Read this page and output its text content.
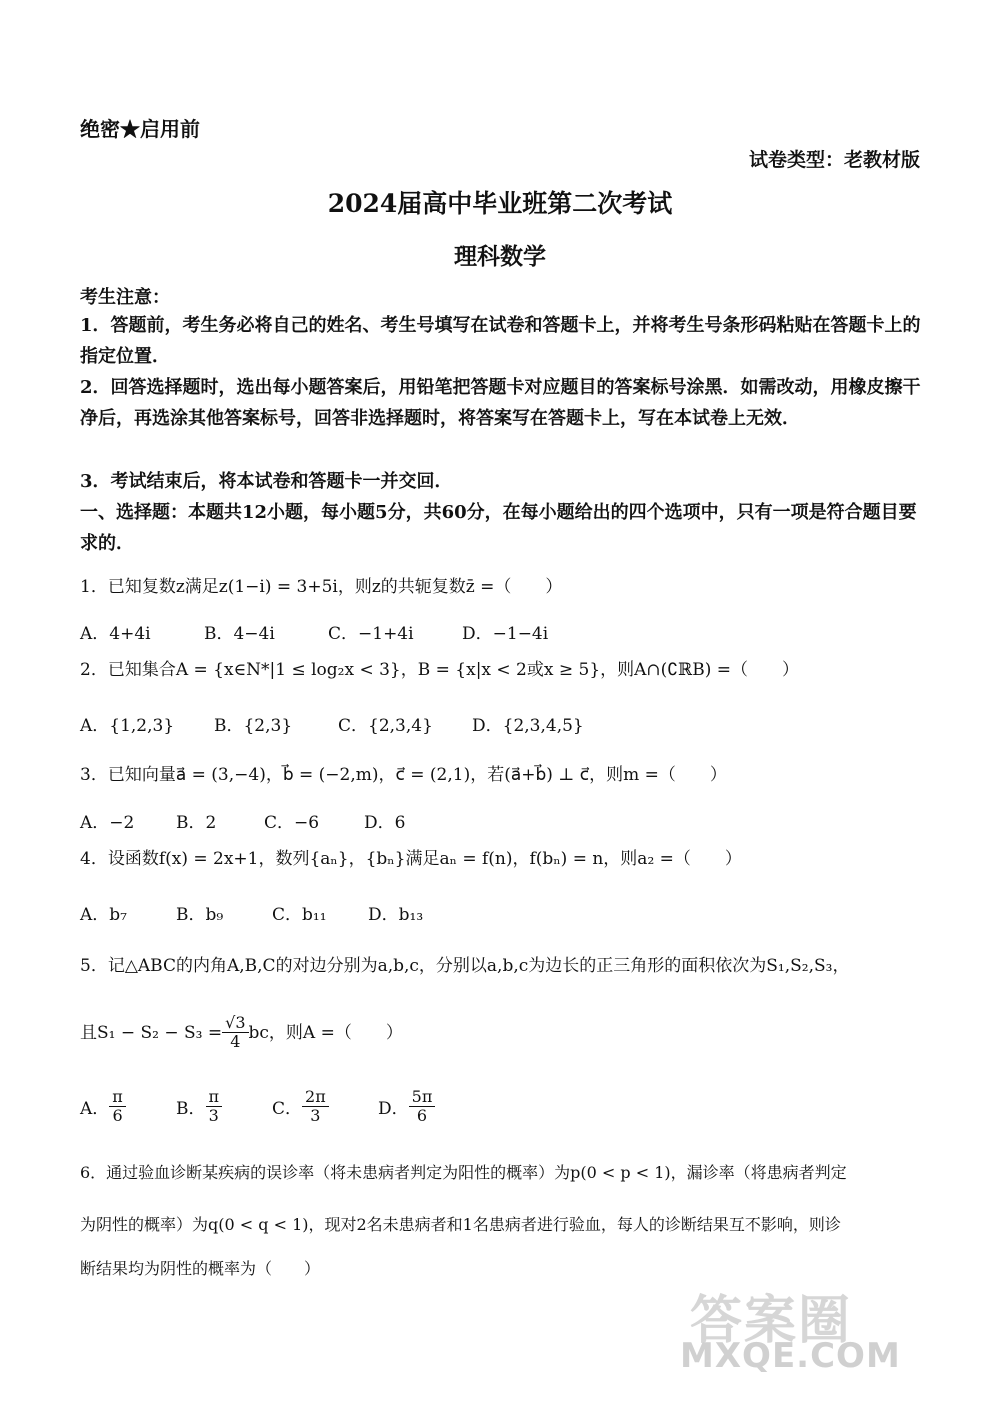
绝密★启用前
试卷类型：老教材版
2024届高中毕业班第二次考试
理科数学
考生注意：
1．答题前，考生务必将自己的姓名、考生号填写在试卷和答题卡上，并将考生号条形码粘贴在答题卡上的指定位置．
2．回答选择题时，选出每小题答案后，用铅笔把答题卡对应题目的答案标号涂黑．如需改动，用橡皮擦干净后，再选涂其他答案标号，回答非选择题时，将答案写在答题卡上，写在本试卷上无效．
3．考试结束后，将本试卷和答题卡一并交回．
一、选择题：本题共12小题，每小题5分，共60分，在每小题给出的四个选项中，只有一项是符合题目要求的．
1．已知复数z满足z(1−i) = 3+5i，则z的共轭复数z̄ =（　　）
A．4+4i	B．4−4i	C．−1+4i	D．−1−4i
2．已知集合A = {x∈N*|1 ≤ log₂x < 3}，B = {x|x < 2或x ≥ 5}，则A∩(∁ℝB) =（　　）
A．{1,2,3}	B．{2,3}	C．{2,3,4}	D．{2,3,4,5}
3．已知向量a⃗ = (3,−4)，b⃗ = (−2,m)，c⃗ = (2,1)，若(a⃗+b⃗) ⊥ c⃗，则m =（　　）
A．−2	B．2	C．−6	D．6
4．设函数f(x) = 2x+1，数列{aₙ}，{bₙ}满足aₙ = f(n)，f(bₙ) = n，则a₂ =（　　）
A．b₇	B．b₉	C．b₁₁	D．b₁₃
5．记△ABC的内角A,B,C的对边分别为a,b,c，分别以a,b,c为边长的正三角形的面积依次为S₁,S₂,S₃，
且$S_1 - S_2 - S_3 = \frac{√3}{4}$ bc，则A =（　　）
A． $\frac{\pi}{6}$	B． $\frac{\pi}{3}$	C． $\frac{2\pi}{3}$	D． $\frac{5\pi}{6}$
6．通过验血诊断某疾病的误诊率（将未患病者判定为阳性的概率）为p(0 < p < 1)，漏诊率（将患病者判定
为阴性的概率）为q(0 < q < 1)，现对2名未患病者和1名患病者进行验血，每人的诊断结果互不影响，则诊
断结果均为阴性的概率为（　　）
答案圈
MXQE.COM
